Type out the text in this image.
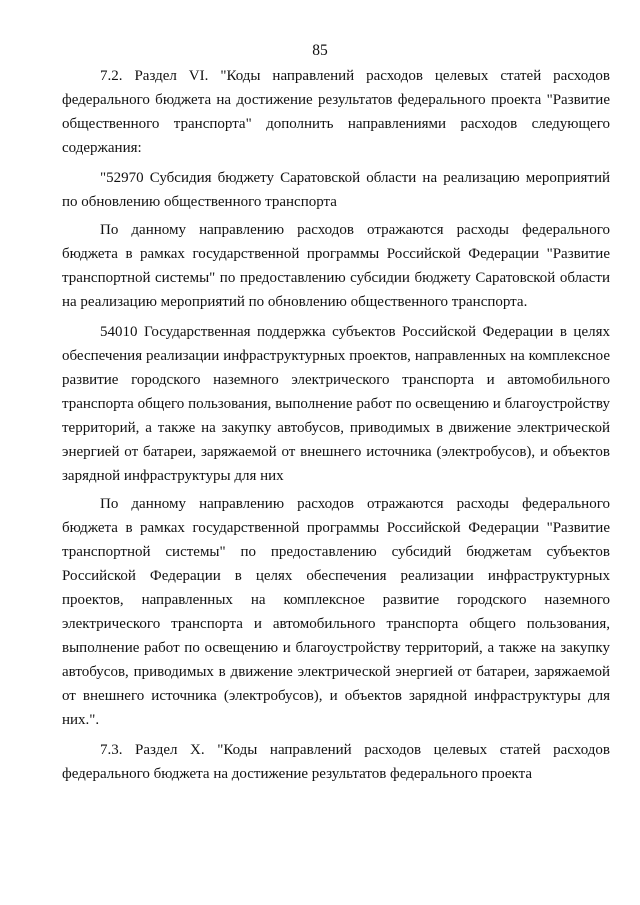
85

7.2. Раздел VI. "Коды направлений расходов целевых статей расходов федерального бюджета на достижение результатов федерального проекта "Развитие общественного транспорта" дополнить направлениями расходов следующего содержания:

"52970 Субсидия бюджету Саратовской области на реализацию мероприятий по обновлению общественного транспорта

По данному направлению расходов отражаются расходы федерального бюджета в рамках государственной программы Российской Федерации "Развитие транспортной системы" по предоставлению субсидии бюджету Саратовской области на реализацию мероприятий по обновлению общественного транспорта.

54010 Государственная поддержка субъектов Российской Федерации в целях обеспечения реализации инфраструктурных проектов, направленных на комплексное развитие городского наземного электрического транспорта и автомобильного транспорта общего пользования, выполнение работ по освещению и благоустройству территорий, а также на закупку автобусов, приводимых в движение электрической энергией от батареи, заряжаемой от внешнего источника (электробусов), и объектов зарядной инфраструктуры для них

По данному направлению расходов отражаются расходы федерального бюджета в рамках государственной программы Российской Федерации "Развитие транспортной системы" по предоставлению субсидий бюджетам субъектов Российской Федерации в целях обеспечения реализации инфраструктурных проектов, направленных на комплексное развитие городского наземного электрического транспорта и автомобильного транспорта общего пользования, выполнение работ по освещению и благоустройству территорий, а также на закупку автобусов, приводимых в движение электрической энергией от батареи, заряжаемой от внешнего источника (электробусов), и объектов зарядной инфраструктуры для них.".

7.3. Раздел X. "Коды направлений расходов целевых статей расходов федерального бюджета на достижение результатов федерального проекта
